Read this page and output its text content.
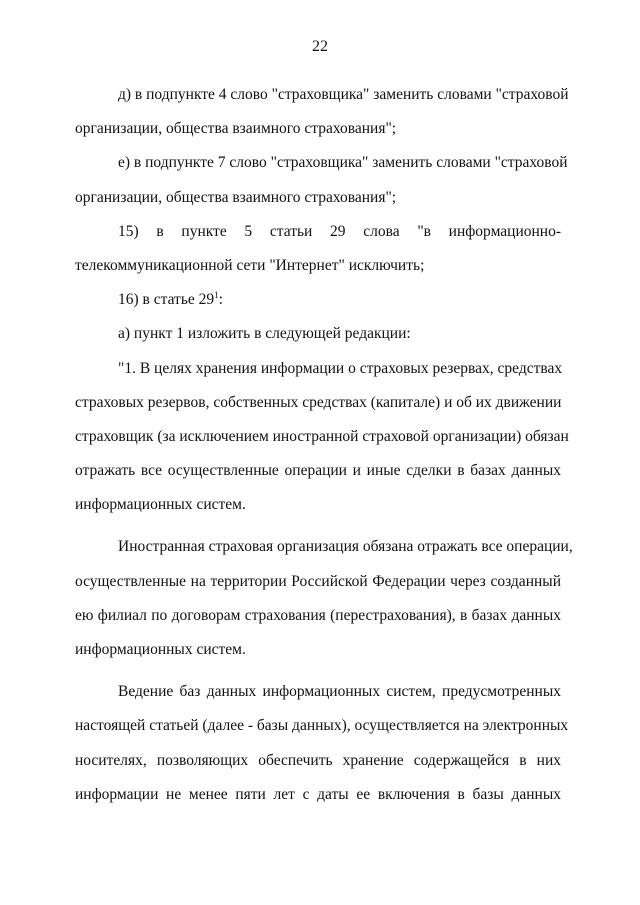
22
д) в подпункте 4 слово "страховщика" заменить словами "страховой
организации, общества взаимного страхования";
е) в подпункте 7 слово "страховщика" заменить словами "страховой
организации, общества взаимного страхования";
15) в пункте 5 статьи 29 слова "в информационно-
телекоммуникационной сети "Интернет" исключить;
16) в статье $29^1$:
а) пункт 1 изложить в следующей редакции:
"1. В целях хранения информации о страховых резервах, средствах
страховых резервов, собственных средствах (капитале) и об их движении
страховщик (за исключением иностранной страховой организации) обязан
отражать все осуществленные операции и иные сделки в базах данных
информационных систем.
Иностранная страховая организация обязана отражать все операции,
осуществленные на территории Российской Федерации через созданный
ею филиал по договорам страхования (перестрахования), в базах данных
информационных систем.
Ведение баз данных информационных систем, предусмотренных
настоящей статьей (далее - базы данных), осуществляется на электронных
носителях, позволяющих обеспечить хранение содержащейся в них
информации не менее пяти лет с даты ее включения в базы данных
